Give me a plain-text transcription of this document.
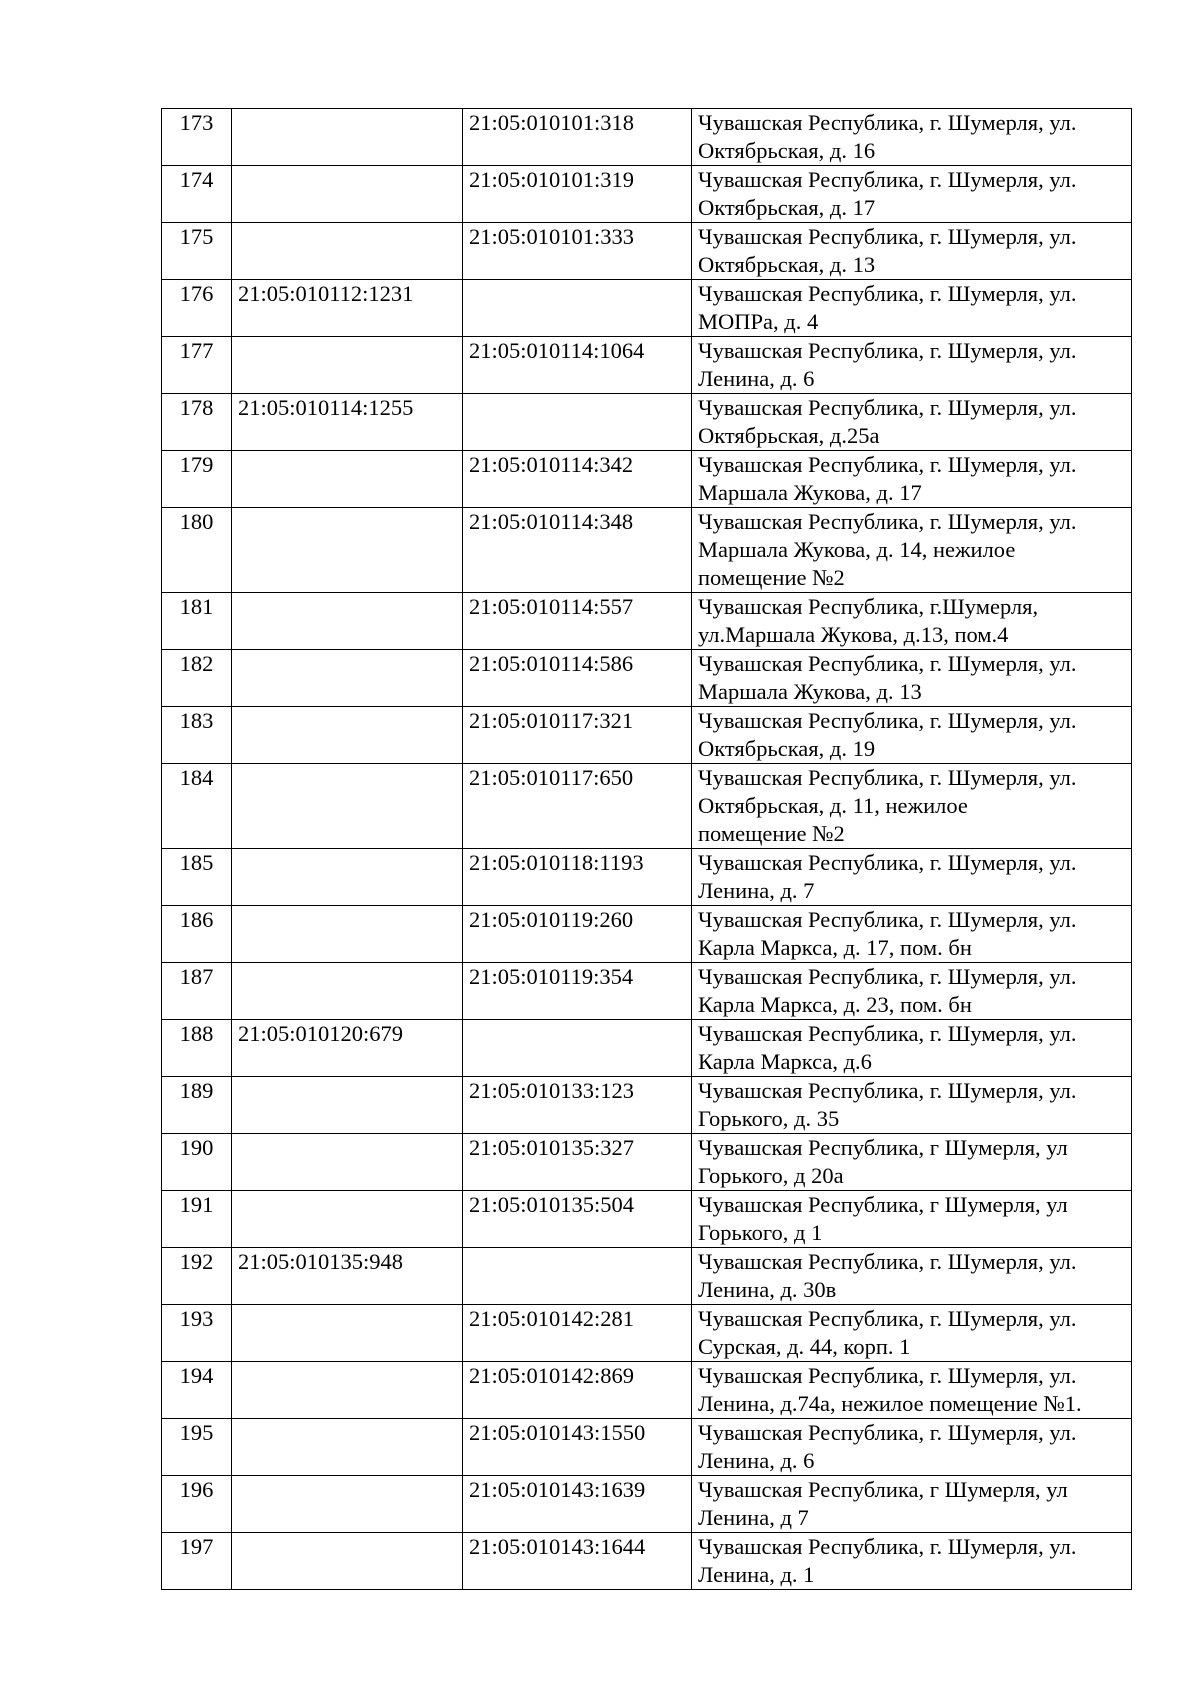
173		21:05:010101:318	Чувашская Республика, г. Шумерля, ул.
Октябрьская, д. 16

174		21:05:010101:319	Чувашская Республика, г. Шумерля, ул.
Октябрьская, д. 17

175		21:05:010101:333	Чувашская Республика, г. Шумерля, ул.
Октябрьская, д. 13

176	21:05:010112:1231		Чувашская Республика, г. Шумерля, ул.
МОПРа, д. 4

177		21:05:010114:1064	Чувашская Республика, г. Шумерля, ул.
Ленина, д. 6

178	21:05:010114:1255		Чувашская Республика, г. Шумерля, ул.
Октябрьская, д.25а

179		21:05:010114:342	Чувашская Республика, г. Шумерля, ул.
Маршала Жукова, д. 17

180		21:05:010114:348	Чувашская Республика, г. Шумерля, ул.
Маршала Жукова, д. 14, нежилое
помещение №2

181		21:05:010114:557	Чувашская Республика, г.Шумерля,
ул.Маршала Жукова, д.13, пом.4

182		21:05:010114:586	Чувашская Республика, г. Шумерля, ул.
Маршала Жукова, д. 13

183		21:05:010117:321	Чувашская Республика, г. Шумерля, ул.
Октябрьская, д. 19

184		21:05:010117:650	Чувашская Республика, г. Шумерля, ул.
Октябрьская, д. 11, нежилое
помещение №2

185		21:05:010118:1193	Чувашская Республика, г. Шумерля, ул.
Ленина, д. 7

186		21:05:010119:260	Чувашская Республика, г. Шумерля, ул.
Карла Маркса, д. 17, пом. бн

187		21:05:010119:354	Чувашская Республика, г. Шумерля, ул.
Карла Маркса, д. 23, пом. бн

188	21:05:010120:679		Чувашская Республика, г. Шумерля, ул.
Карла Маркса, д.6

189		21:05:010133:123	Чувашская Республика, г. Шумерля, ул.
Горького, д. 35

190		21:05:010135:327	Чувашская Республика, г Шумерля, ул
Горького, д 20а

191		21:05:010135:504	Чувашская Республика, г Шумерля, ул
Горького, д 1

192	21:05:010135:948		Чувашская Республика, г. Шумерля, ул.
Ленина, д. 30в

193		21:05:010142:281	Чувашская Республика, г. Шумерля, ул.
Сурская, д. 44, корп. 1

194		21:05:010142:869	Чувашская Республика, г. Шумерля, ул.
Ленина, д.74а, нежилое помещение №1.

195		21:05:010143:1550	Чувашская Республика, г. Шумерля, ул.
Ленина, д. 6

196		21:05:010143:1639	Чувашская Республика, г Шумерля, ул
Ленина, д 7

197		21:05:010143:1644	Чувашская Республика, г. Шумерля, ул.
Ленина, д. 1
